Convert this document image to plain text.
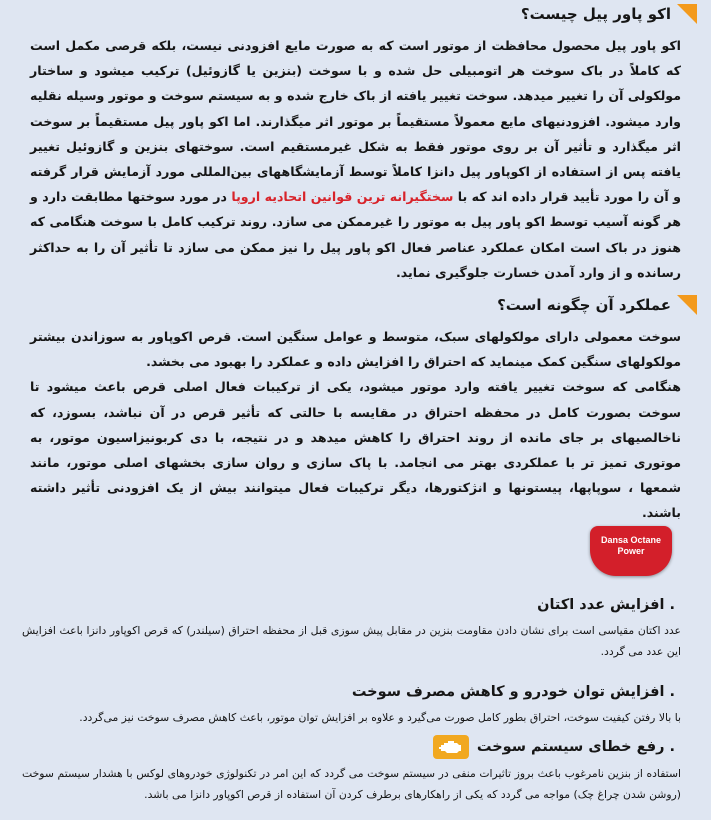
اکو پاور پیل چیست؟

اکو پاور پیل محصول محافظت از موتور است که به صورت مایع افزودنی نیست، بلکه قرصی مکمل است که کاملاً در باک سوخت هر اتومبیلی حل شده و با سوخت (بنزین یا گازوئیل) ترکیب میشود و ساختار مولکولی آن را تغییر میدهد. سوخت تغییر یافته از باک خارج شده و به سیستم سوخت و موتور وسیله نقلیه وارد میشود. افزودنیهای مایع معمولاً مستقیماً بر موتور اثر میگذارند. اما اکو پاور پیل مستقیماً بر سوخت اثر میگذارد و تأثیر آن بر روی موتور فقط به شکل غیرمستقیم است. سوختهای بنزین و گازوئیل تغییر یافته پس از استفاده از اکوپاور پیل دانزا کاملاً توسط آزمایشگاههای بین‌المللی مورد آزمایش قرار گرفته و آن را مورد تأیید قرار داده اند که با سختگیرانه ترین قوانین اتحادیه اروپا در مورد سوختها مطابقت دارد و هر گونه آسیب توسط اکو پاور پیل به موتور را غیرممکن می سازد. روند ترکیب کامل با سوخت هنگامی که هنوز در باک است امکان عملکرد عناصر فعال اکو پاور پیل را نیز ممکن می سازد تا تأثیر آن را به حداکثر رسانده و از وارد آمدن خسارت جلوگیری نماید.

عملکرد آن چگونه است؟

سوخت معمولی دارای مولکولهای سبک، متوسط و عوامل سنگین است. قرص اکوپاور به سوزاندن بیشتر مولکولهای سنگین کمک مینماید که احتراق را افزایش داده و عملکرد را بهبود می بخشد.

هنگامی که سوخت تغییر یافته وارد موتور میشود، یکی از ترکیبات فعال اصلی قرص باعث میشود تا سوخت بصورت کامل در محفظه احتراق در مقایسه با حالتی که تأثیر قرص در آن نباشد، بسوزد، که ناخالصیهای بر جای مانده از روند احتراق را کاهش میدهد و در نتیجه، با دی کربونیزاسیون موتور، به موتوری تمیز تر با عملکردی بهتر می انجامد. با پاک سازی و روان سازی بخشهای اصلی موتور، مانند شمعها ، سوپاپها، پیستونها و انژکتورها، دیگر ترکیبات فعال میتوانند بیش از یک افزودنی تأثیر داشته باشند.

Dansa Octane
Power
. افزایش عدد اکتان

عدد اکتان مقیاسی است برای نشان دادن مقاومت بنزین در مقابل پیش سوزی قبل از محفظه احتراق (سیلندر) که قرص اکوپاور دانزا باعث افزایش این عدد می گردد.

. افزایش توان خودرو و کاهش مصرف سوخت

با بالا رفتن کیفیت سوخت، احتراق بطور کامل صورت می‌گیرد و علاوه بر افزایش توان موتور، باعث کاهش مصرف سوخت نیز می‌گردد.

. رفع خطای سیستم سوخت

استفاده از بنزین نامرغوب باعث بروز تاثیرات منفی در سیستم سوخت می گردد که این امر در تکنولوژی خودروهای لوکس با هشدار سیستم سوخت (روشن شدن چراغ چک) مواجه می گردد که یکی از راهکارهای برطرف کردن آن استفاده از قرص اکوپاور دانزا می باشد.
